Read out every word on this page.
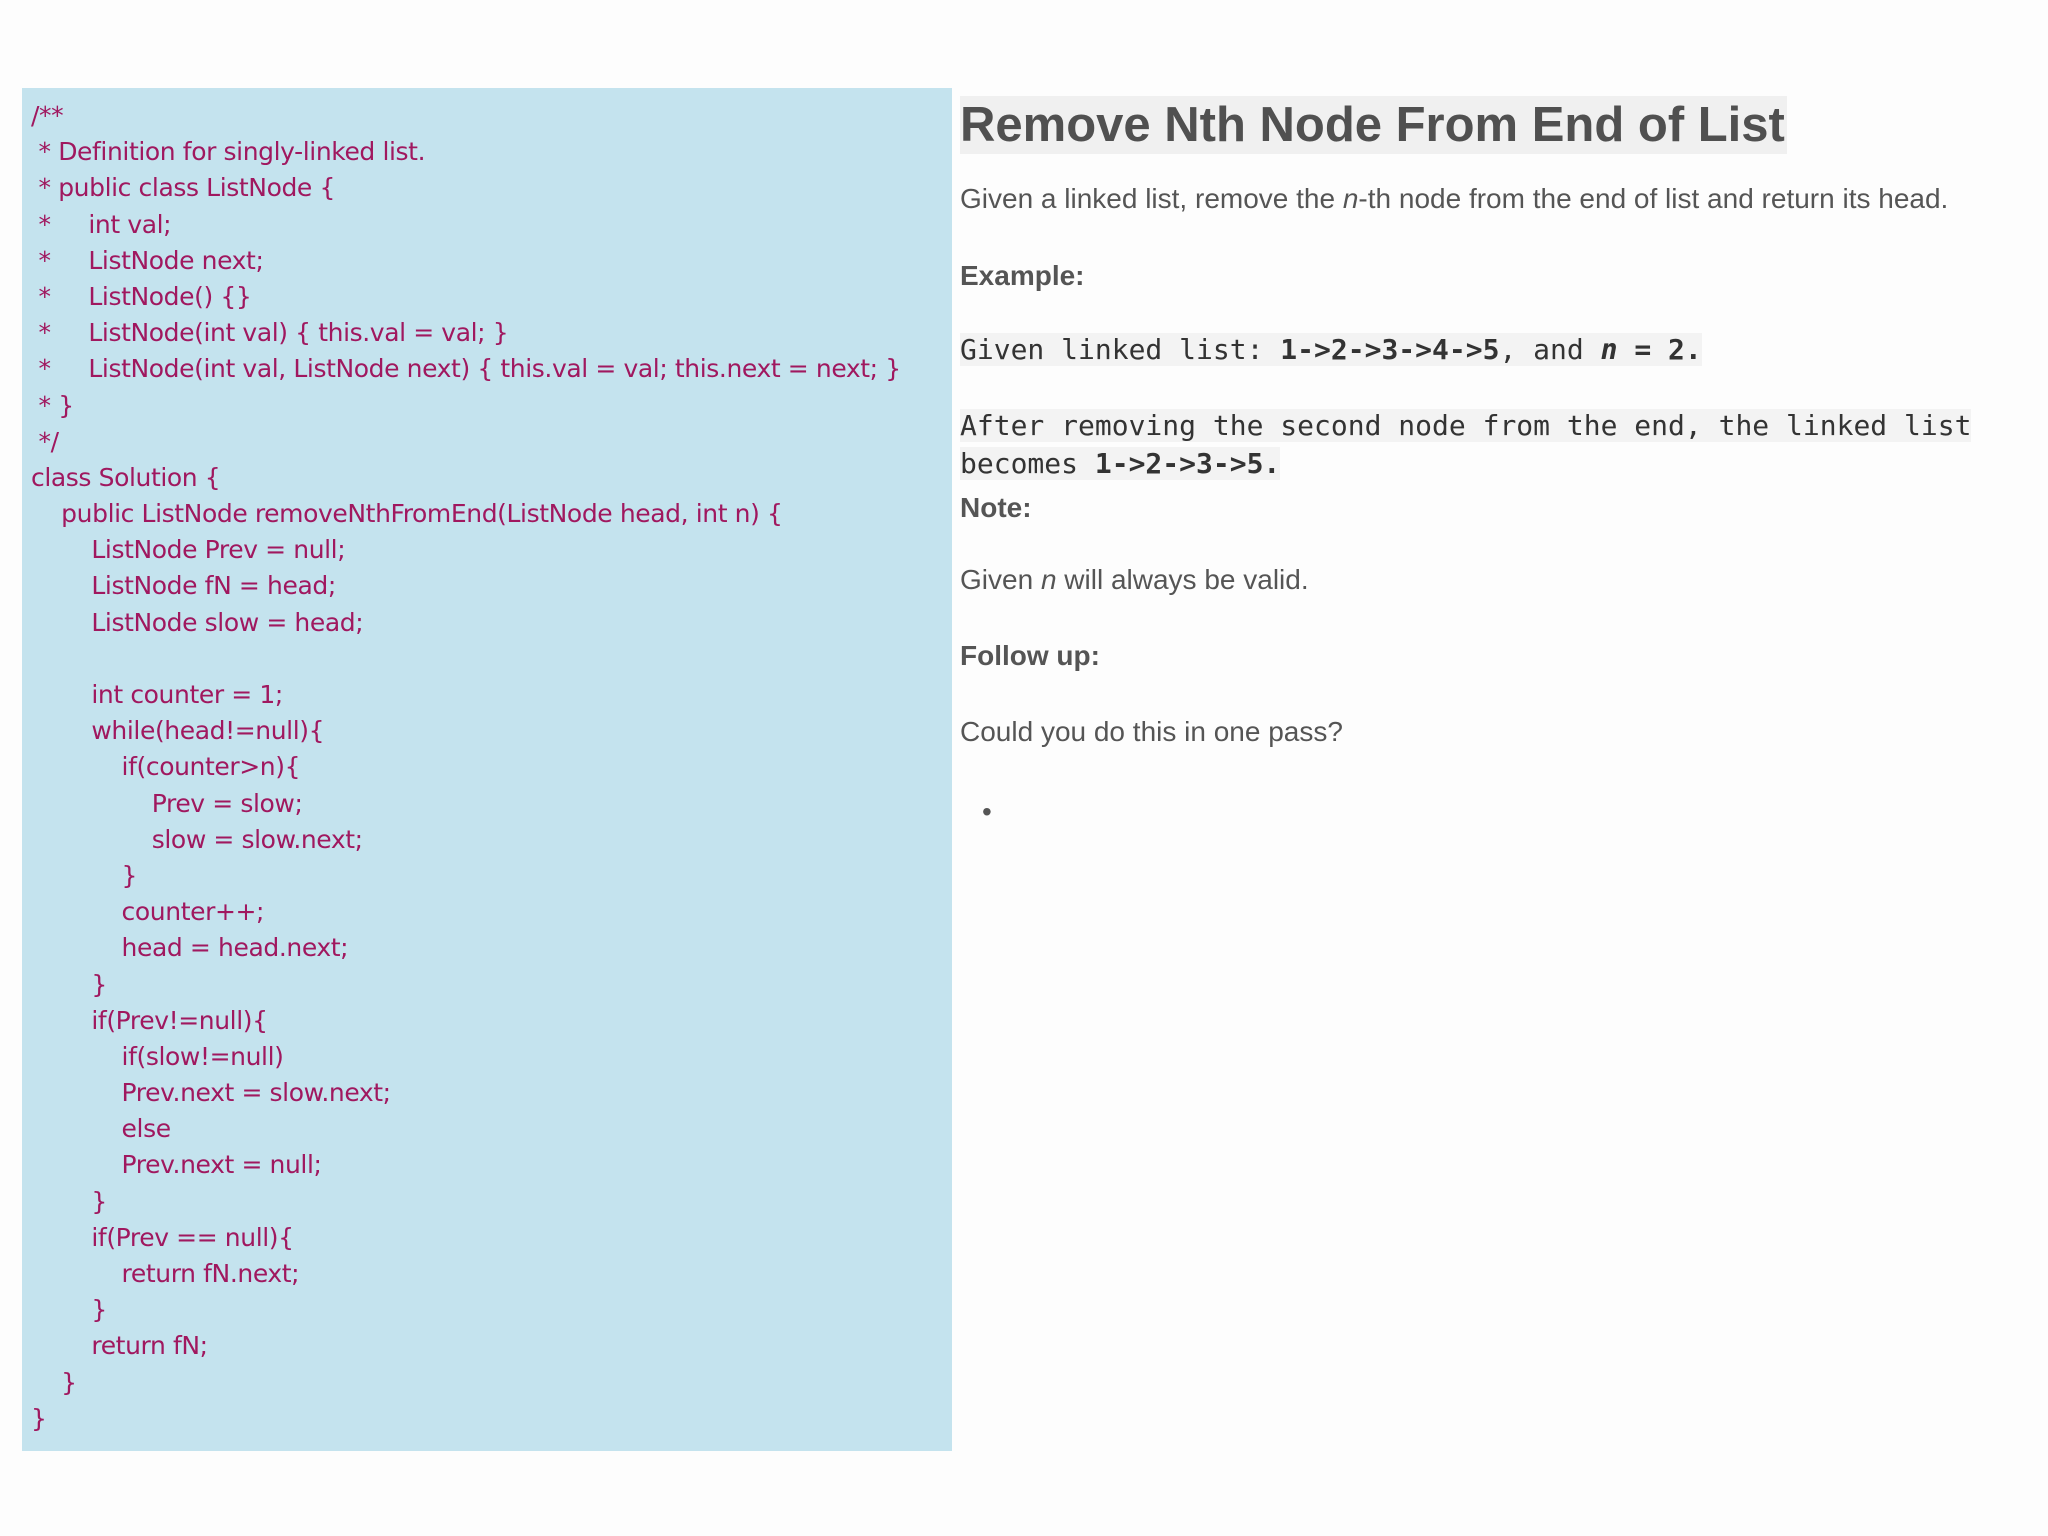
/**
* Definition for singly-linked list.
* public class ListNode {
*     int val;
*     ListNode next;
*     ListNode() {}
*     ListNode(int val) { this.val = val; }
*     ListNode(int val, ListNode next) { this.val = val; this.next = next; }
* }
*/
class Solution {
public ListNode removeNthFromEnd(ListNode head, int n) {
ListNode Prev = null;
ListNode fN = head;
ListNode slow = head;
int counter = 1;
while(head!=null){
if(counter>n){
Prev = slow;
slow = slow.next;
}
counter++;
head = head.next;
}
if(Prev!=null){
if(slow!=null)
Prev.next = slow.next;
else
Prev.next = null;
}
if(Prev == null){
return fN.next;
}
return fN;
}
}
Remove Nth Node From End of List

Given a linked list, remove the n-th node from the end of list and return its head.

Example:

Given linked list: 1->2->3->4->5, and n = 2.
After removing the second node from the end, the linked list
becomes 1->2->3->5.

Note:

Given n will always be valid.

Follow up:

Could you do this in one pass?

•
